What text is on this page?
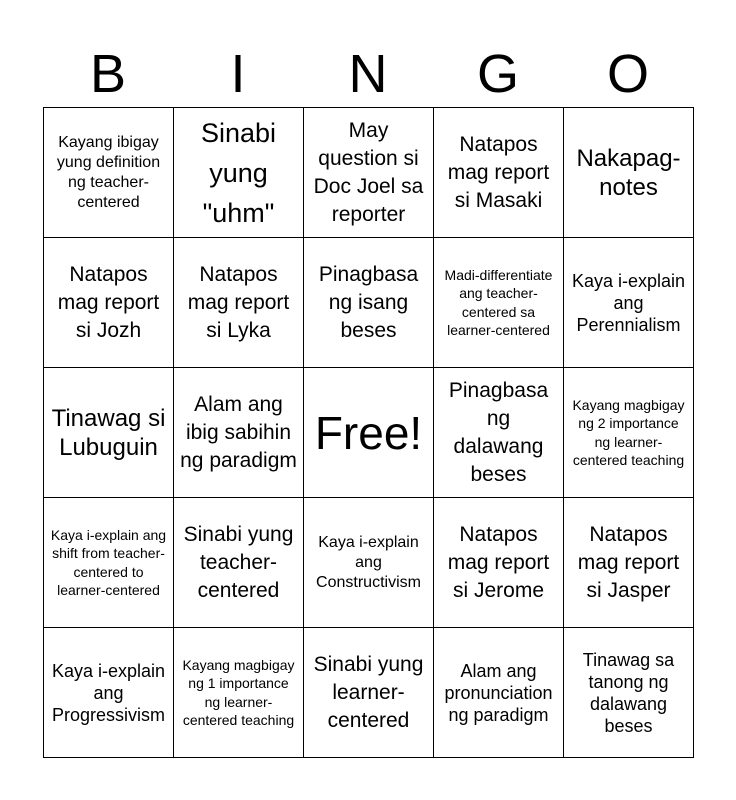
B	I	N	G	O
Kayang ibigay yung definition ng teacher-centered
Sinabi yung "uhm"
May question si Doc Joel sa reporter
Natapos mag report si Masaki
Nakapag-notes
Natapos mag report si Jozh
Natapos mag report si Lyka
Pinagbasa ng isang beses
Madi-differentiate ang teacher-centered sa learner-centered
Kaya i-explain ang Perennialism
Tinawag si Lubuguin
Alam ang ibig sabihin ng paradigm
Free!
Pinagbasa ng dalawang beses
Kayang magbigay ng 2 importance ng learner-centered teaching
Kaya i-explain ang shift from teacher-centered to learner-centered
Sinabi yung teacher-centered
Kaya i-explain ang Constructivism
Natapos mag report si Jerome
Natapos mag report si Jasper
Kaya i-explain ang Progressivism
Kayang magbigay ng 1 importance ng learner-centered teaching
Sinabi yung learner-centered
Alam ang pronunciation ng paradigm
Tinawag sa tanong ng dalawang beses
